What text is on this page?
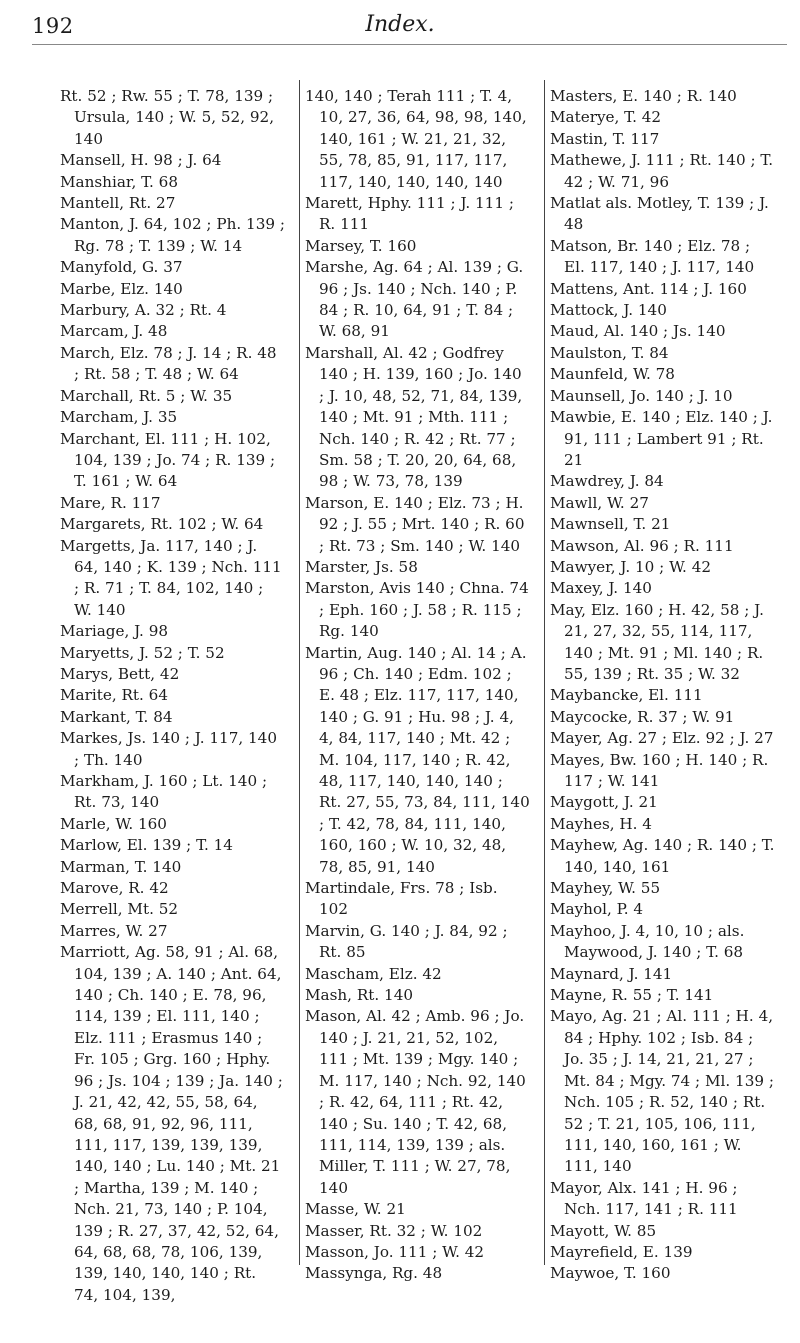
192	Index.

Rt. 52 ; Rw. 55 ; T. 78, 139 ; Ursula, 140 ; W. 5, 52, 92, 140

Mansell, H. 98 ; J. 64

Manshiar, T. 68

Mantell, Rt. 27

Manton, J. 64, 102 ; Ph. 139 ; Rg. 78 ; T. 139 ; W. 14

Manyfold, G. 37

Marbe, Elz. 140

Marbury, A. 32 ; Rt. 4

Marcam, J. 48

March, Elz. 78 ; J. 14 ; R. 48 ; Rt. 58 ; T. 48 ; W. 64

Marchall, Rt. 5 ; W. 35

Marcham, J. 35

Marchant, El. 111 ; H. 102, 104, 139 ; Jo. 74 ; R. 139 ; T. 161 ; W. 64

Mare, R. 117

Margarets, Rt. 102 ; W. 64

Margetts, Ja. 117, 140 ; J. 64, 140 ; K. 139 ; Nch. 111 ; R. 71 ; T. 84, 102, 140 ; W. 140

Mariage, J. 98

Maryetts, J. 52 ; T. 52

Marys, Bett, 42

Marite, Rt. 64

Markant, T. 84

Markes, Js. 140 ; J. 117, 140 ; Th. 140

Markham, J. 160 ; Lt. 140 ; Rt. 73, 140

Marle, W. 160

Marlow, El. 139 ; T. 14

Marman, T. 140

Marove, R. 42

Merrell, Mt. 52

Marres, W. 27

Marriott, Ag. 58, 91 ; Al. 68, 104, 139 ; A. 140 ; Ant. 64, 140 ; Ch. 140 ; E. 78, 96, 114, 139 ; El. 111, 140 ; Elz. 111 ; Erasmus 140 ; Fr. 105 ; Grg. 160 ; Hphy. 96 ; Js. 104 ; 139 ; Ja. 140 ; J. 21, 42, 42, 55, 58, 64, 68, 68, 91, 92, 96, 111, 111, 117, 139, 139, 139, 140, 140 ; Lu. 140 ; Mt. 21 ; Martha, 139 ; M. 140 ; Nch. 21, 73, 140 ; P. 104, 139 ; R. 27, 37, 42, 52, 64, 64, 68, 68, 78, 106, 139, 139, 140, 140, 140 ; Rt. 74, 104, 139,

140, 140 ; Terah 111 ; T. 4, 10, 27, 36, 64, 98, 98, 140, 140, 161 ; W. 21, 21, 32, 55, 78, 85, 91, 117, 117, 117, 140, 140, 140, 140

Marett, Hphy. 111 ; J. 111 ; R. 111

Marsey, T. 160

Marshe, Ag. 64 ; Al. 139 ; G. 96 ; Js. 140 ; Nch. 140 ; P. 84 ; R. 10, 64, 91 ; T. 84 ; W. 68, 91

Marshall, Al. 42 ; Godfrey 140 ; H. 139, 160 ; Jo. 140 ; J. 10, 48, 52, 71, 84, 139, 140 ; Mt. 91 ; Mth. 111 ; Nch. 140 ; R. 42 ; Rt. 77 ; Sm. 58 ; T. 20, 20, 64, 68, 98 ; W. 73, 78, 139

Marson, E. 140 ; Elz. 73 ; H. 92 ; J. 55 ; Mrt. 140 ; R. 60 ; Rt. 73 ; Sm. 140 ; W. 140

Marster, Js. 58

Marston, Avis 140 ; Chna. 74 ; Eph. 160 ; J. 58 ; R. 115 ; Rg. 140

Martin, Aug. 140 ; Al. 14 ; A. 96 ; Ch. 140 ; Edm. 102 ; E. 48 ; Elz. 117, 117, 140, 140 ; G. 91 ; Hu. 98 ; J. 4, 4, 84, 117, 140 ; Mt. 42 ; M. 104, 117, 140 ; R. 42, 48, 117, 140, 140, 140 ; Rt. 27, 55, 73, 84, 111, 140 ; T. 42, 78, 84, 111, 140, 160, 160 ; W. 10, 32, 48, 78, 85, 91, 140

Martindale, Frs. 78 ; Isb. 102

Marvin, G. 140 ; J. 84, 92 ; Rt. 85

Mascham, Elz. 42

Mash, Rt. 140

Mason, Al. 42 ; Amb. 96 ; Jo. 140 ; J. 21, 21, 52, 102, 111 ; Mt. 139 ; Mgy. 140 ; M. 117, 140 ; Nch. 92, 140 ; R. 42, 64, 111 ; Rt. 42, 140 ; Su. 140 ; T. 42, 68, 111, 114, 139, 139 ; als. Miller, T. 111 ; W. 27, 78, 140

Masse, W. 21

Masser, Rt. 32 ; W. 102

Masson, Jo. 111 ; W. 42

Massynga, Rg. 48

Masters, E. 140 ; R. 140

Materye, T. 42

Mastin, T. 117

Mathewe, J. 111 ; Rt. 140 ; T. 42 ; W. 71, 96

Matlat als. Motley, T. 139 ; J. 48

Matson, Br. 140 ; Elz. 78 ; El. 117, 140 ; J. 117, 140

Mattens, Ant. 114 ; J. 160

Mattock, J. 140

Maud, Al. 140 ; Js. 140

Maulston, T. 84

Maunfeld, W. 78

Maunsell, Jo. 140 ; J. 10

Mawbie, E. 140 ; Elz. 140 ; J. 91, 111 ; Lambert 91 ; Rt. 21

Mawdrey, J. 84

Mawll, W. 27

Mawnsell, T. 21

Mawson, Al. 96 ; R. 111

Mawyer, J. 10 ; W. 42

Maxey, J. 140

May, Elz. 160 ; H. 42, 58 ; J. 21, 27, 32, 55, 114, 117, 140 ; Mt. 91 ; Ml. 140 ; R. 55, 139 ; Rt. 35 ; W. 32

Maybancke, El. 111

Maycocke, R. 37 ; W. 91

Mayer, Ag. 27 ; Elz. 92 ; J. 27

Mayes, Bw. 160 ; H. 140 ; R. 117 ; W. 141

Maygott, J. 21

Mayhes, H. 4

Mayhew, Ag. 140 ; R. 140 ; T. 140, 140, 161

Mayhey, W. 55

Mayhol, P. 4

Mayhoo, J. 4, 10, 10 ; als. Maywood, J. 140 ; T. 68

Maynard, J. 141

Mayne, R. 55 ; T. 141

Mayo, Ag. 21 ; Al. 111 ; H. 4, 84 ; Hphy. 102 ; Isb. 84 ; Jo. 35 ; J. 14, 21, 21, 27 ; Mt. 84 ; Mgy. 74 ; Ml. 139 ; Nch. 105 ; R. 52, 140 ; Rt. 52 ; T. 21, 105, 106, 111, 111, 140, 160, 161 ; W. 111, 140

Mayor, Alx. 141 ; H. 96 ; Nch. 117, 141 ; R. 111

Mayott, W. 85

Mayrefield, E. 139

Maywoe, T. 160
